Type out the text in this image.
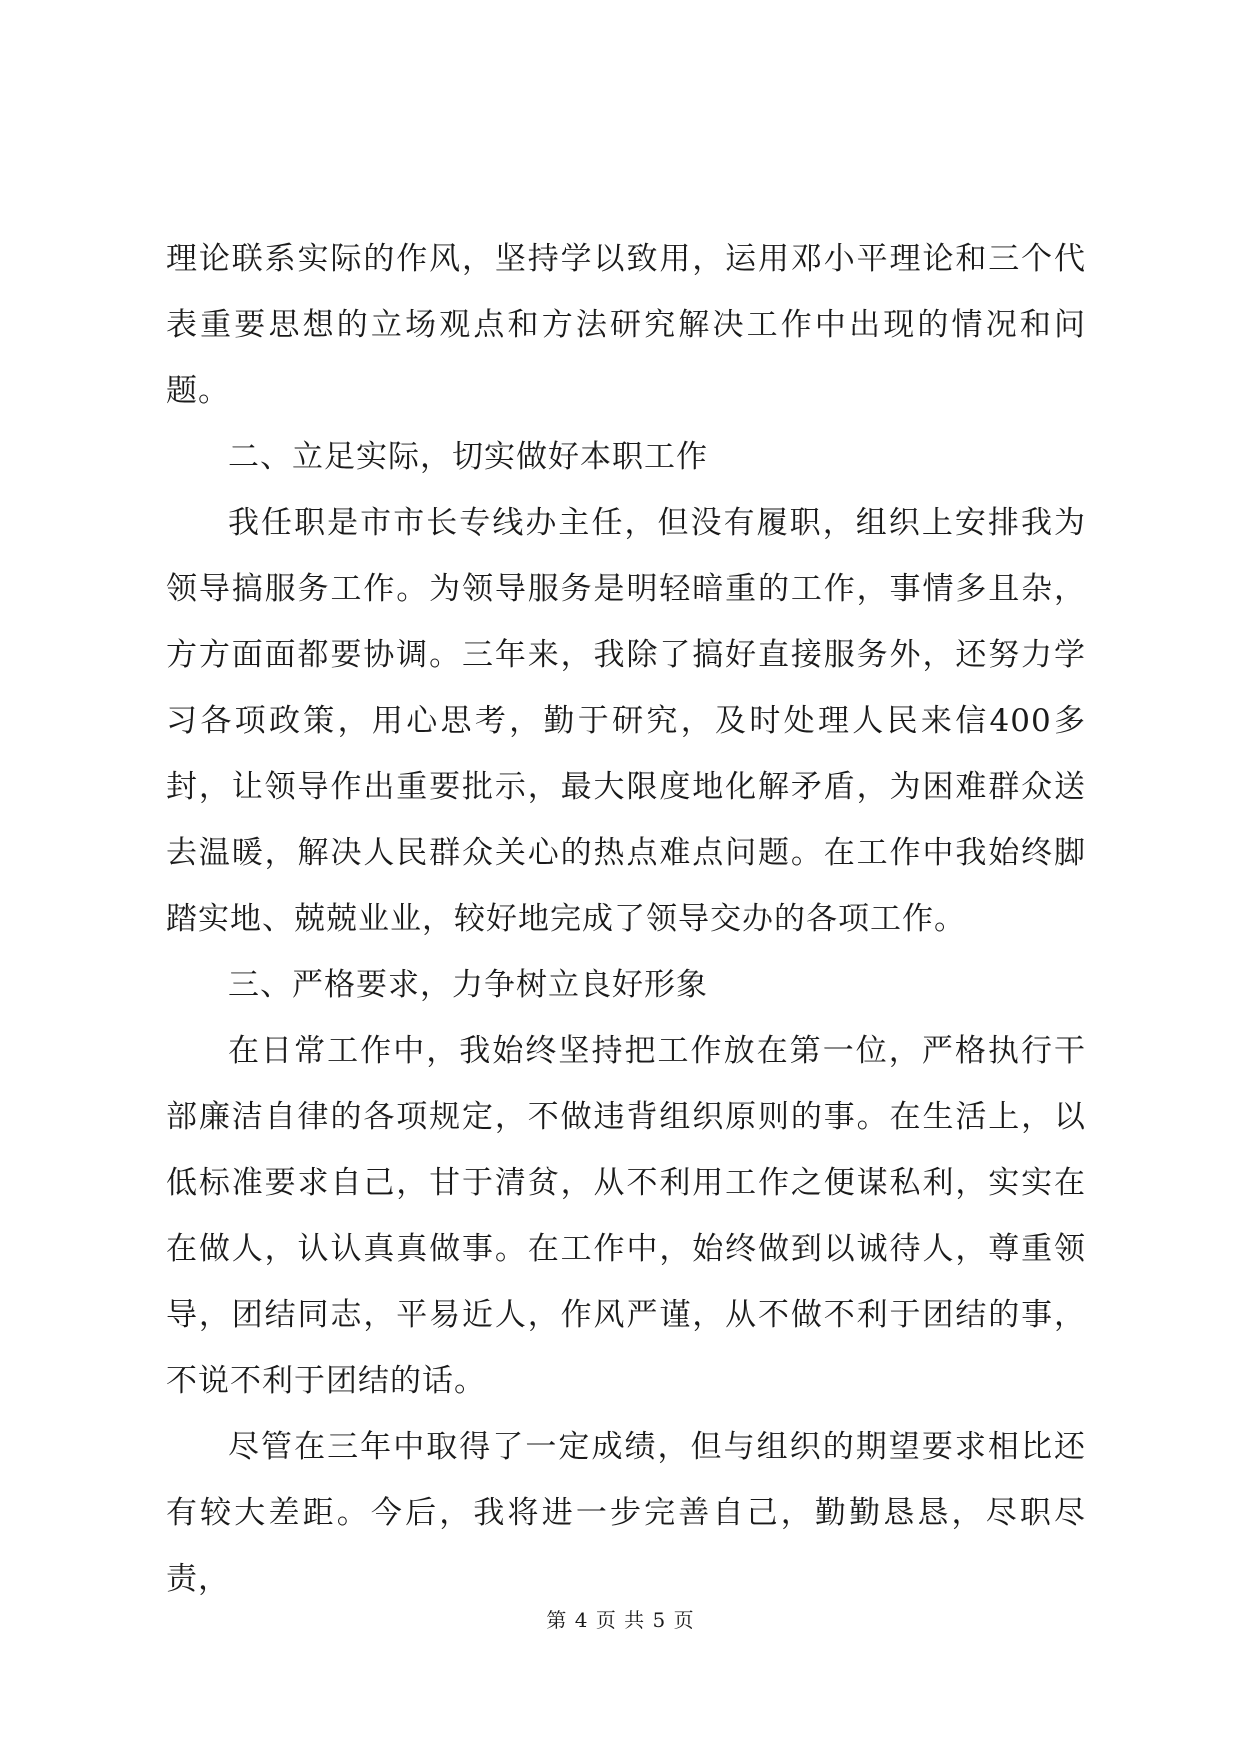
理论联系实际的作风，坚持学以致用，运用邓小平理论和三个代表重要思想的立场观点和方法研究解决工作中出现的情况和问题。

二、立足实际，切实做好本职工作

我任职是市市长专线办主任，但没有履职，组织上安排我为领导搞服务工作。为领导服务是明轻暗重的工作，事情多且杂，方方面面都要协调。三年来，我除了搞好直接服务外，还努力学习各项政策，用心思考，勤于研究，及时处理人民来信400多封，让领导作出重要批示，最大限度地化解矛盾，为困难群众送去温暖，解决人民群众关心的热点难点问题。在工作中我始终脚踏实地、兢兢业业，较好地完成了领导交办的各项工作。

三、严格要求，力争树立良好形象

在日常工作中，我始终坚持把工作放在第一位，严格执行干部廉洁自律的各项规定，不做违背组织原则的事。在生活上，以低标准要求自己，甘于清贫，从不利用工作之便谋私利，实实在在做人，认认真真做事。在工作中，始终做到以诚待人，尊重领导，团结同志，平易近人，作风严谨，从不做不利于团结的事，不说不利于团结的话。

尽管在三年中取得了一定成绩，但与组织的期望要求相比还有较大差距。今后，我将进一步完善自己，勤勤恳恳，尽职尽责，

第 4 页 共 5 页
